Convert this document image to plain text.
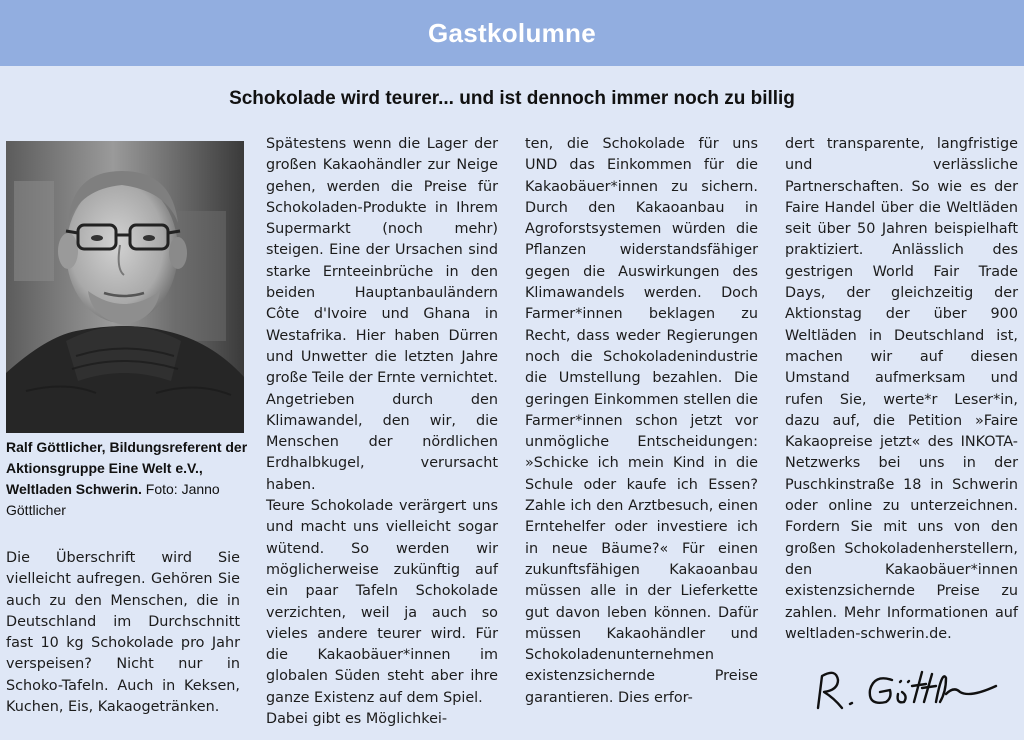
Gastkolumne
Schokolade wird teurer... und ist dennoch immer noch zu billig
Ralf Göttlicher, Bildungsreferent der Aktionsgruppe Eine Welt e.V., Weltladen Schwerin. Foto: Janno Göttlicher

Die Überschrift wird Sie vielleicht aufregen. Gehören Sie auch zu den Menschen, die in Deutschland im Durchschnitt fast 10 kg Schokolade pro Jahr verspeisen? Nicht nur in Schoko-Tafeln. Auch in Keksen, Kuchen, Eis, Kakaogetränken.

Spätestens wenn die Lager der großen Kakaohändler zur Neige gehen, werden die Preise für Schokoladen-Produkte in Ihrem Supermarkt (noch mehr) steigen. Eine der Ursachen sind starke Ernteeinbrüche in den beiden Hauptanbauländern Côte d'Ivoire und Ghana in Westafrika. Hier haben Dürren und Unwetter die letzten Jahre große Teile der Ernte vernichtet. Angetrieben durch den Klimawandel, den wir, die Menschen der nördlichen Erdhalbkugel, verursacht haben.

Teure Schokolade verärgert uns und macht uns vielleicht sogar wütend. So werden wir möglicherweise zukünftig auf ein paar Tafeln Schokolade verzichten, weil ja auch so vieles andere teurer wird. Für die Kakaobäuer*innen im globalen Süden steht aber ihre ganze Existenz auf dem Spiel.

Dabei gibt es Möglichkei-

ten, die Schokolade für uns UND das Einkommen für die Kakaobäuer*innen zu sichern. Durch den Kakaoanbau in Agroforstsystemen würden die Pflanzen widerstandsfähiger gegen die Auswirkungen des Klimawandels werden. Doch Farmer*innen beklagen zu Recht, dass weder Regierungen noch die Schokoladenindustrie die Umstellung bezahlen. Die geringen Einkommen stellen die Farmer*innen schon jetzt vor unmögliche Entscheidungen: »Schicke ich mein Kind in die Schule oder kaufe ich Essen? Zahle ich den Arztbesuch, einen Erntehelfer oder investiere ich in neue Bäume?« Für einen zukunftsfähigen Kakaoanbau müssen alle in der Lieferkette gut davon leben können. Dafür müssen Kakaohändler und Schokoladenunternehmen existenzsichernde Preise garantieren. Dies erfor-

dert transparente, langfristige und verlässliche Partnerschaften. So wie es der Faire Handel über die Weltläden seit über 50 Jahren beispielhaft praktiziert. Anlässlich des gestrigen World Fair Trade Days, der gleichzeitig der Aktionstag der über 900 Weltläden in Deutschland ist, machen wir auf diesen Umstand aufmerksam und rufen Sie, werte*r Leser*in, dazu auf, die Petition »Faire Kakaopreise jetzt« des INKOTA-Netzwerks bei uns in der Puschkinstraße 18 in Schwerin oder online zu unterzeichnen. Fordern Sie mit uns von den großen Schokoladenherstellern, den Kakaobäuer*innen existenzsichernde Preise zu zahlen. Mehr Informationen auf weltladen-schwerin.de.
